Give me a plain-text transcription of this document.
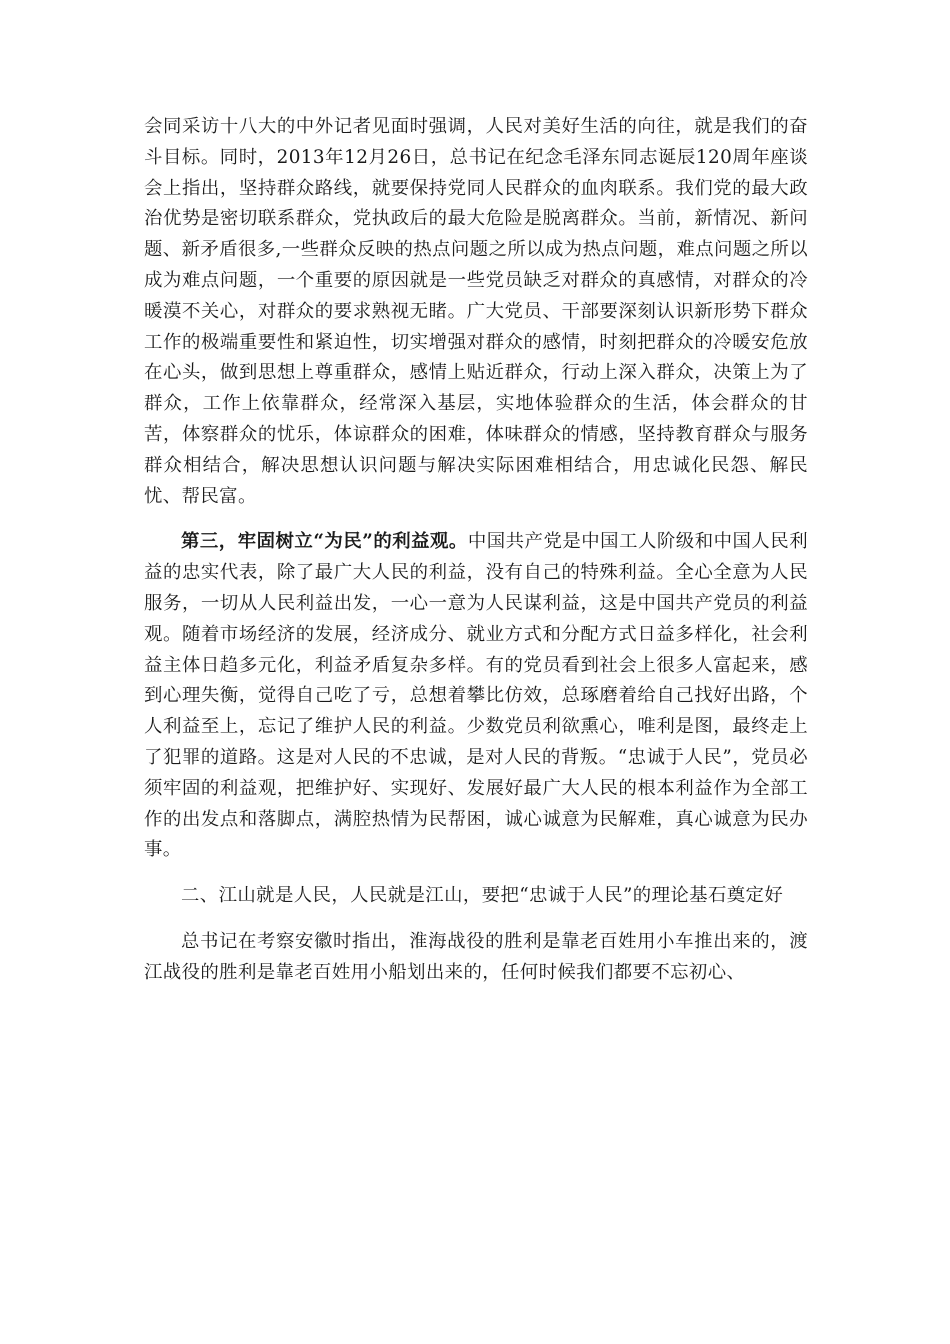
会同采访十八大的中外记者见面时强调，人民对美好生活的向往，就是我们的奋斗目标。同时，2013年12月26日，总书记在纪念毛泽东同志诞辰120周年座谈会上指出，坚持群众路线，就要保持党同人民群众的血肉联系。我们党的最大政治优势是密切联系群众，党执政后的最大危险是脱离群众。当前，新情况、新问题、新矛盾很多,一些群众反映的热点问题之所以成为热点问题，难点问题之所以成为难点问题，一个重要的原因就是一些党员缺乏对群众的真感情，对群众的冷暖漠不关心，对群众的要求熟视无睹。广大党员、干部要深刻认识新形势下群众工作的极端重要性和紧迫性，切实增强对群众的感情，时刻把群众的冷暖安危放在心头，做到思想上尊重群众，感情上贴近群众，行动上深入群众，决策上为了群众，工作上依靠群众，经常深入基层，实地体验群众的生活，体会群众的甘苦，体察群众的忧乐，体谅群众的困难，体味群众的情感，坚持教育群众与服务群众相结合，解决思想认识问题与解决实际困难相结合，用忠诚化民怨、解民忧、帮民富。

第三，牢固树立“为民”的利益观。中国共产党是中国工人阶级和中国人民利益的忠实代表，除了最广大人民的利益，没有自己的特殊利益。全心全意为人民服务，一切从人民利益出发，一心一意为人民谋利益，这是中国共产党员的利益观。随着市场经济的发展，经济成分、就业方式和分配方式日益多样化，社会利益主体日趋多元化，利益矛盾复杂多样。有的党员看到社会上很多人富起来，感到心理失衡，觉得自己吃了亏，总想着攀比仿效，总琢磨着给自己找好出路，个人利益至上，忘记了维护人民的利益。少数党员利欲熏心，唯利是图，最终走上了犯罪的道路。这是对人民的不忠诚，是对人民的背叛。“忠诚于人民”，党员必须牢固的利益观，把维护好、实现好、发展好最广大人民的根本利益作为全部工作的出发点和落脚点，满腔热情为民帮困，诚心诚意为民解难，真心诚意为民办事。

二、江山就是人民，人民就是江山，要把“忠诚于人民”的理论基石奠定好

总书记在考察安徽时指出，淮海战役的胜利是靠老百姓用小车推出来的，渡江战役的胜利是靠老百姓用小船划出来的，任何时候我们都要不忘初心、
